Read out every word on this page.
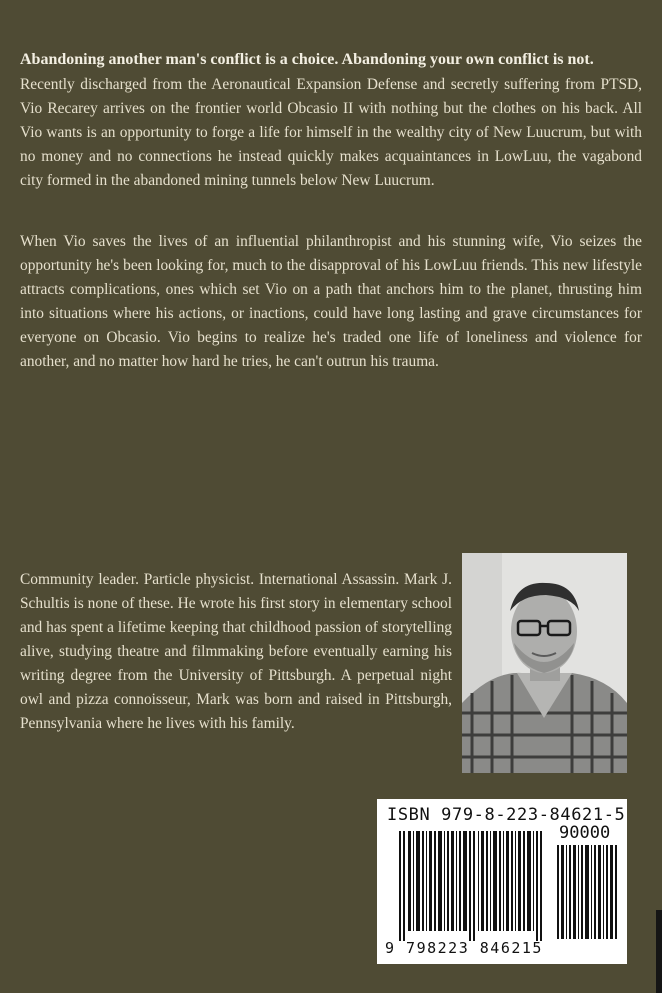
Abandoning another man's conflict is a choice. Abandoning your own conflict is not.

Recently discharged from the Aeronautical Expansion Defense and secretly suffering from PTSD, Vio Recarey arrives on the frontier world Obcasio II with nothing but the clothes on his back. All Vio wants is an opportunity to forge a life for himself in the wealthy city of New Luucrum, but with no money and no connections he instead quickly makes acquaintances in LowLuu, the vagabond city formed in the abandoned mining tunnels below New Luucrum.

When Vio saves the lives of an influential philanthropist and his stunning wife, Vio seizes the opportunity he's been looking for, much to the disapproval of his LowLuu friends. This new lifestyle attracts complications, ones which set Vio on a path that anchors him to the planet, thrusting him into situations where his actions, or inactions, could have long lasting and grave circumstances for everyone on Obcasio. Vio begins to realize he's traded one life of loneliness and violence for another, and no matter how hard he tries, he can't outrun his trauma.

Community leader. Particle physicist. International Assassin. Mark J. Schultis is none of these. He wrote his first story in elementary school and has spent a lifetime keeping that childhood passion of storytelling alive, studying theatre and filmmaking before eventually earning his writing degree from the University of Pittsburgh. A perpetual night owl and pizza connoisseur, Mark was born and raised in Pittsburgh, Pennsylvania where he lives with his family.

ISBN 979-8-223-84621-5
90000
9 798223 846215
